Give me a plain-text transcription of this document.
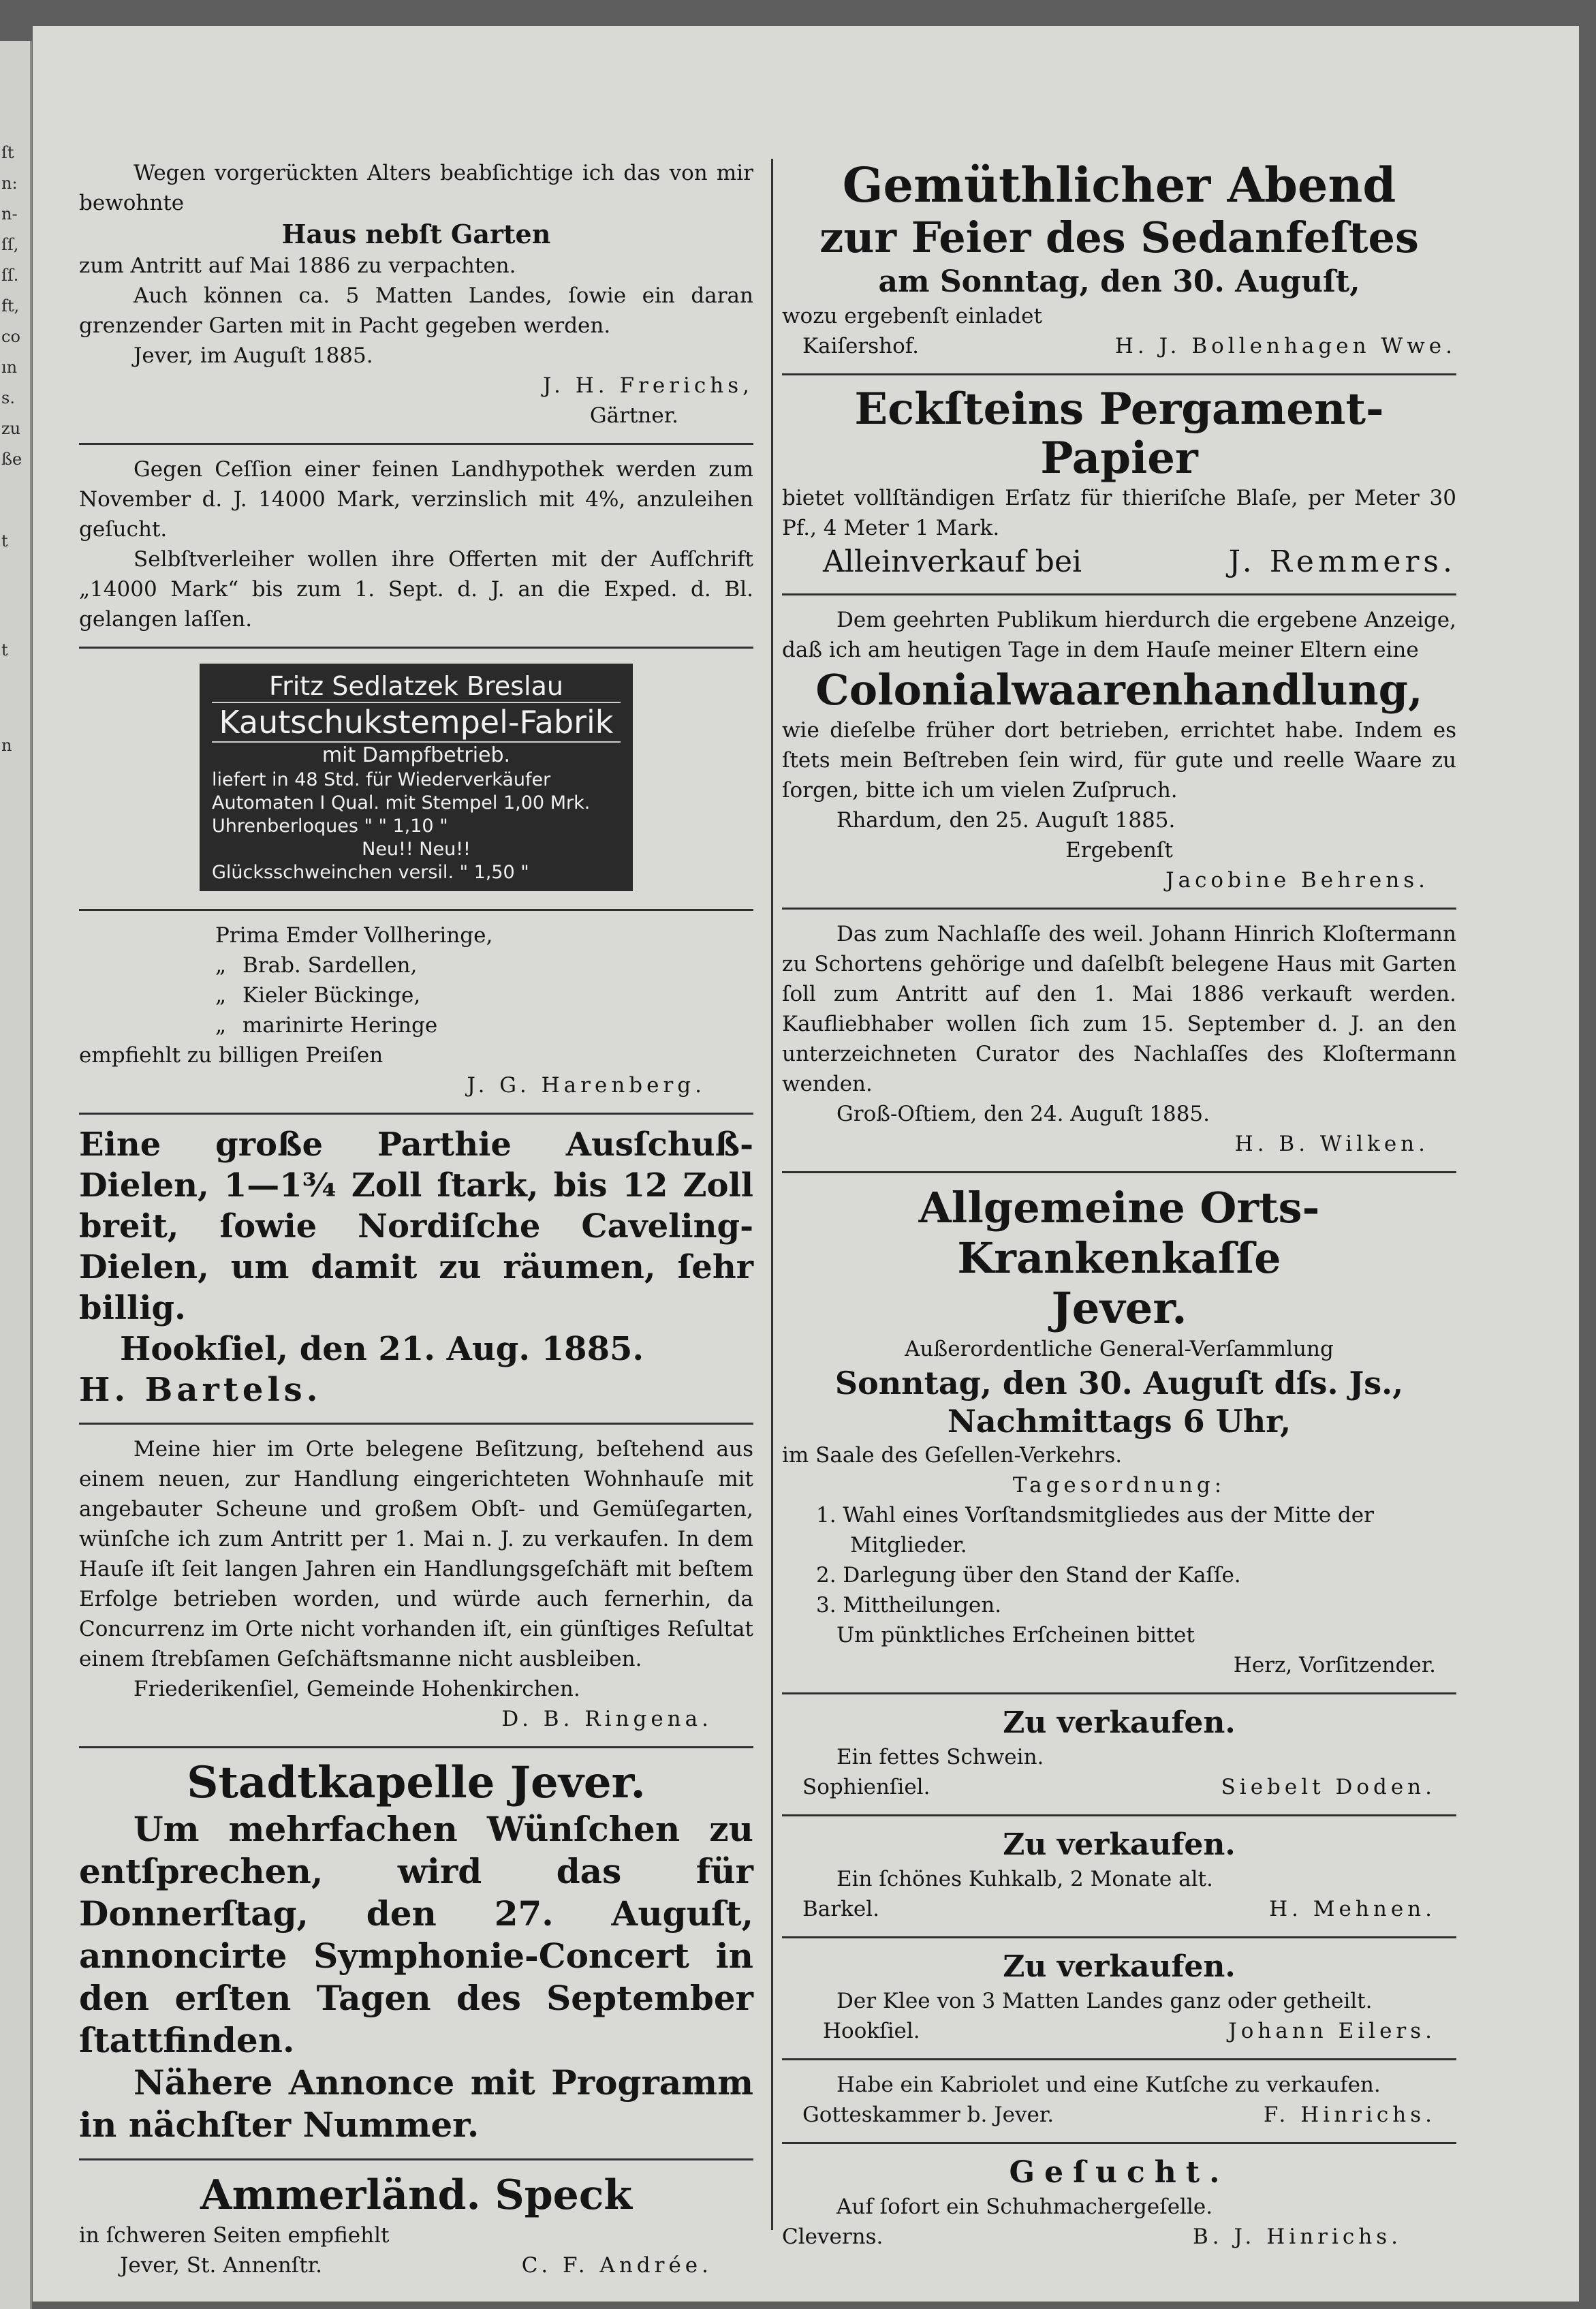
ſt
n:
n-
ſſ,
ſſ.
ft,
co
ın
s.
zu
ße
t
t
n

Wegen vorgerückten Alters beabſichtige ich das von mir bewohnte

Haus nebſt Garten

zum Antritt auf Mai 1886 zu verpachten.

Auch können ca. 5 Matten Landes, ſowie ein daran grenzender Garten mit in Pacht gegeben werden.

Jever, im Auguſt 1885.

J. H. Frerichs,

Gärtner.

Gegen Ceſſion einer feinen Landhypothek werden zum November d. J. 14000 Mark, verzinslich mit 4%, anzuleihen geſucht.

Selbſtverleiher wollen ihre Offerten mit der Aufſchrift „14000 Mark“ bis zum 1. Sept. d. J. an die Exped. d. Bl. gelangen laſſen.

Fritz Sedlatzek Breslau
Kautschukstempel-Fabrik
mit Dampfbetrieb.
liefert in 48 Std. für Wiederverkäufer
Automaten I Qual. mit Stempel 1,00 Mrk.
Uhrenberloques " " 1,10 "
Neu!! Neu!!
Glücksschweinchen versil. " 1,50 "
Prima Emder Vollheringe,
„ Brab. Sardellen,
„ Kieler Bückinge,
„ marinirte Heringe

empfiehlt zu billigen Preiſen

J. G. Harenberg.

Eine große Parthie Ausſchuß-Dielen, 1—1¾ Zoll ſtark, bis 12 Zoll breit, ſowie Nordiſche Caveling-Dielen, um damit zu räumen, ſehr billig.

Hookſiel, den 21. Aug. 1885.

H. Bartels.

Meine hier im Orte belegene Beſitzung, beſtehend aus einem neuen, zur Handlung eingerichteten Wohnhauſe mit angebauter Scheune und großem Obſt- und Gemüſegarten, wünſche ich zum Antritt per 1. Mai n. J. zu verkaufen. In dem Hauſe iſt ſeit langen Jahren ein Handlungsgeſchäft mit beſtem Erfolge betrieben worden, und würde auch fernerhin, da Concurrenz im Orte nicht vorhanden iſt, ein günſtiges Reſultat einem ſtrebſamen Geſchäftsmanne nicht ausbleiben.

Friederikenſiel, Gemeinde Hohenkirchen.

D. B. Ringena.

Stadtkapelle Jever.

Um mehrfachen Wünſchen zu entſprechen, wird das für Donnerſtag, den 27. Auguſt, annoncirte Symphonie-Concert in den erſten Tagen des September ſtattfinden.

Nähere Annonce mit Programm in nächſter Nummer.

Ammerländ. Speck

in ſchweren Seiten empfiehlt

Jever, St. Annenſtr.	C. F. Andrée.

Gemüthlicher Abend

zur Feier des Sedanfeſtes

am Sonntag, den 30. Auguſt,

wozu ergebenſt einladet

Kaiſershof.	H. J. Bollenhagen Wwe.

Eckſteins Pergament-Papier

bietet vollſtändigen Erſatz für thieriſche Blaſe, per Meter 30 Pf., 4 Meter 1 Mark.

Alleinverkauf bei	J. Remmers.

Dem geehrten Publikum hierdurch die ergebene Anzeige, daß ich am heutigen Tage in dem Hauſe meiner Eltern eine

Colonialwaarenhandlung,

wie dieſelbe früher dort betrieben, errichtet habe. Indem es ſtets mein Beſtreben ſein wird, für gute und reelle Waare zu ſorgen, bitte ich um vielen Zuſpruch.

Rhardum, den 25. Auguſt 1885.

Ergebenſt

Jacobine Behrens.

Das zum Nachlaſſe des weil. Johann Hinrich Kloſtermann zu Schortens gehörige und daſelbſt belegene Haus mit Garten ſoll zum Antritt auf den 1. Mai 1886 verkauft werden. Kaufliebhaber wollen ſich zum 15. September d. J. an den unterzeichneten Curator des Nachlaſſes des Kloſtermann wenden.

Groß-Oſtiem, den 24. Auguſt 1885.

H. B. Wilken.

Allgemeine Orts-Krankenkaſſe

Jever.

Außerordentliche General-Verſammlung

Sonntag, den 30. Auguſt dſs. Js.,

Nachmittags 6 Uhr,

im Saale des Geſellen-Verkehrs.

Tagesordnung:

1. Wahl eines Vorſtandsmitgliedes aus der Mitte der Mitglieder.
2. Darlegung über den Stand der Kaſſe.
3. Mittheilungen.

Um pünktliches Erſcheinen bittet

Herz, Vorſitzender.

Zu verkaufen.

Ein fettes Schwein.

Sophienſiel.	Siebelt Doden.

Zu verkaufen.

Ein ſchönes Kuhkalb, 2 Monate alt.

Barkel.	H. Mehnen.

Zu verkaufen.

Der Klee von 3 Matten Landes ganz oder getheilt.

Hookſiel.	Johann Eilers.

Habe ein Kabriolet und eine Kutſche zu verkaufen.

Gotteskammer b. Jever.	F. Hinrichs.

Geſucht.

Auf ſofort ein Schuhmachergeſelle.

Cleverns.	B. J. Hinrichs.
